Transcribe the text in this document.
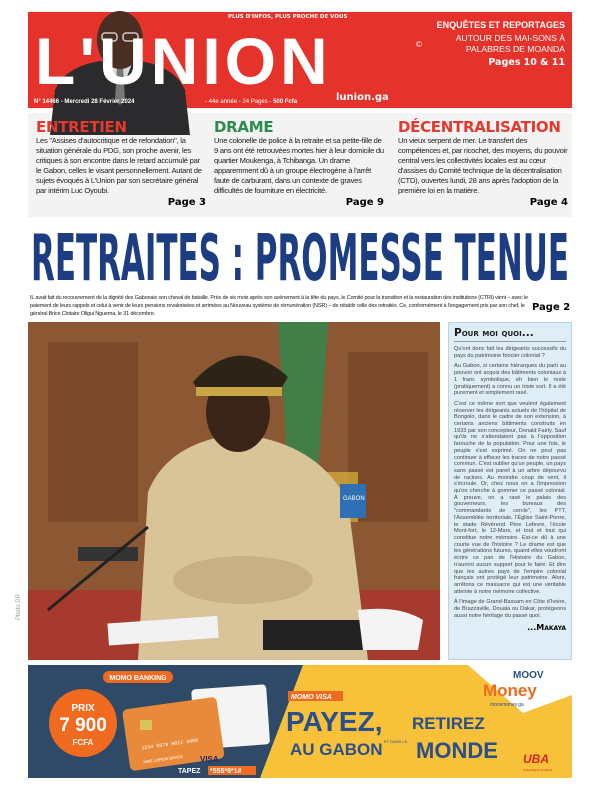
L'UNION
PLUS D'INFOS, PLUS PROCHE DE VOUS
©
lunion.ga
N° 14466 - Mercredi 28 Février 2024	- 44e année - 24 Pages - 500 Fcfa
ENQUÊTES ET REPORTAGES
AUTOUR DES MAI-SONS À PALABRES DE MOANDA
Pages 10 & 11
ENTRETIEN

Les "Assises d'autocritique et de refondation", la situation générale du PDG, son proche avenir, les critiques à son encontre dans le retard accumulé par le Gabon, celles le visant personnellement. Autant de sujets évoqués à L'Union par son secrétaire général par intérim Luc Oyoubi.

Page 3
DRAME

Une colonelle de police à la retraite et sa petite-fille de 9 ans ont été retrouvées mortes hier à leur domicile du quartier Moukenga, à Tchibanga. Un drame apparemment dû à un groupe électrogène à l'arrêt faute de carburant, dans un contexte de graves difficultés de fourniture en électricité.

Page 9
DÉCENTRALISATION

Un vieux serpent de mer. Le transfert des compétences et, par ricochet, des moyens, du pouvoir central vers les collectivités locales est au cœur d'assises du Comité technique de la décentralisation (CTD), ouvertes lundi, 28 ans après l'adoption de la première loi en la matière.

Page 4
RETRAITES : PROMESSE TENUE
IL avait fait du recouvrement de la dignité des Gabonais son cheval de bataille. Près de six mois après son avènement à la tête du pays, le Comité pour la transition et la restauration des institutions (CTRI) vient – avec le paiement de leurs rappels et celui à venir de leurs pensions revalorisées et arrimées au Nouveau système de rémunération (NSR) – de rétablir celle des retraités. Ce, conformément à l'engagement pris par son chef, le général Brice Clotaire Oligui Nguema, le 31 décembre.
Page 2
GABON
Photo DR
Pour moi quoi...

Qu'ont donc fait les dirigeants successifs du pays du patrimoine foncier colonial ?

Au Gabon, si certains hiérarques du parti au pouvoir ont acquis des bâtiments coloniaux à 1 franc symbolique, eh bien le reste (pratiquement) a connu un triste sort. Il a été purement et simplement rasé.

C'est ce même sort que veulent également réserver les dirigeants actuels de l'hôpital de Bongolo, dans le cadre de son extension, à certains anciens bâtiments construits en 1933 par son concepteur, Donald Fairly. Sauf qu'ils ne s'attendaient pas à l'opposition farouche de la population. Pour une fois, le peuple s'est exprimé. On ne peut pas continuer à effacer les traces de notre passé commun. C'est oublier qu'un peuple, un pays sans passé est pareil à un arbre dépourvu de racines. Au moindre coup de vent, il s'écroule. Or, chez nous on a l'impression qu'on cherche à gommer ce passé colonial. À preuve, on a rasé le palais des gouverneurs, les bureaux des "commandants de cercle", les PTT, l'Assemblée territoriale, l'Église Saint-Pierre, le stade Révérend Père Lefevre, l'école Mont-fort, le 12-Mars, et tout et tout qui constitue notre mémoire. Est-ce dû à une courte vue de l'histoire ? Le drame est que les générations futures, quand elles voudront écrire ce pan de l'Histoire du Gabon, n'auront aucun support pour le faire. Et dire que les autres pays de l'empire colonial français ont protégé leur patrimoine. Alors, arrêtons ce massacre qui est une véritable atteinte à notre mémoire collective.

À l'image de Grand-Bassam en Côte d'Ivoire, de Brazzaville, Douala ou Dakar, protégeons aussi notre héritage du passé quoi.

...Makaya
MOMO BANKING
PRIX
7 900
FCFA	1234 5678 9012 3456
MME LOREM GRACE VISA
TAPEZ *555*8*1#
MOMO VISA
PAYEZ, RETIREZ
AU GABON ET DANS LE MONDE
MOOV
Money
moovmoney.ga
UBA
United Bank for Africa
